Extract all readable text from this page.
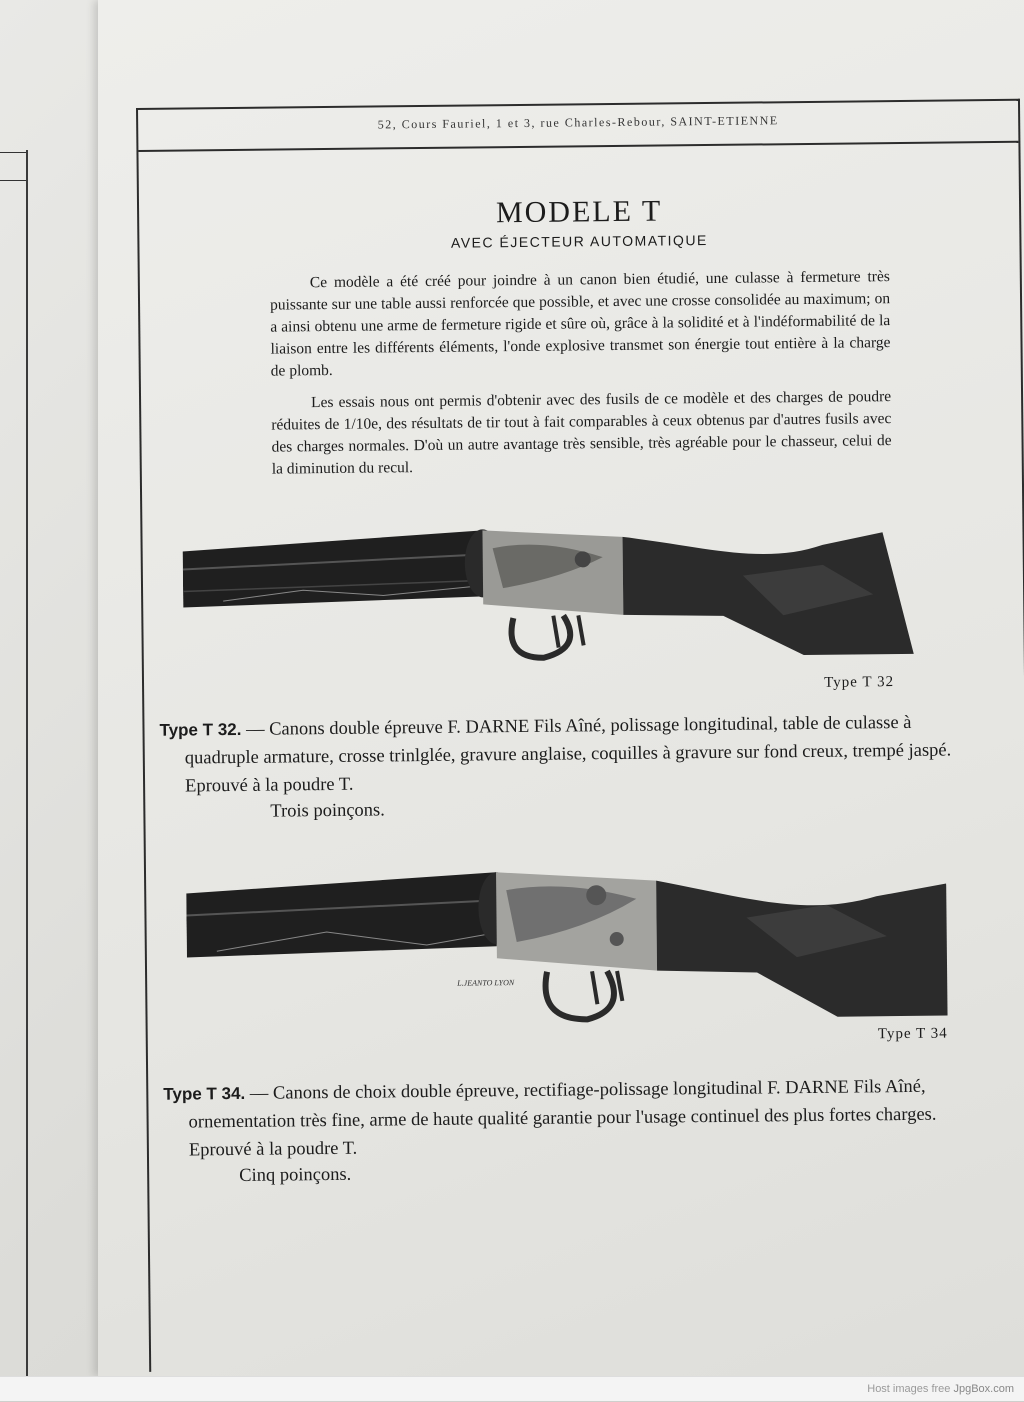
52, Cours Fauriel, 1 et 3, rue Charles-Rebour, SAINT-ETIENNE
MODELE T
AVEC ÉJECTEUR AUTOMATIQUE

Ce modèle a été créé pour joindre à un canon bien étudié, une culasse à fermeture très puissante sur une table aussi renforcée que possible, et avec une crosse consolidée au maximum; on a ainsi obtenu une arme de fermeture rigide et sûre où, grâce à la solidité et à l'indéformabilité de la liaison entre les différents éléments, l'onde explosive transmet son énergie tout entière à la charge de plomb.

Les essais nous ont permis d'obtenir avec des fusils de ce modèle et des charges de poudre réduites de 1/10e, des résultats de tir tout à fait comparables à ceux obtenus par d'autres fusils avec des charges normales. D'où un autre avantage très sensible, très agréable pour le chasseur, celui de la diminution du recul.

Type T 32
Type T 32. — Canons double épreuve F. DARNE Fils Aîné, polissage longitudinal, table de culasse à quadruple armature, crosse trinlglée, gravure anglaise, coquilles à gravure sur fond creux, trempé jaspé. Eprouvé à la poudre T.
Trois poinçons.
L.JEANTO LYON
Type T 34
Type T 34. — Canons de choix double épreuve, rectifiage-polissage longitudinal F. DARNE Fils Aîné, ornementation très fine, arme de haute qualité garantie pour l'usage continuel des plus fortes charges. Eprouvé à la poudre T.
Cinq poinçons.
Host images free JpgBox.com
